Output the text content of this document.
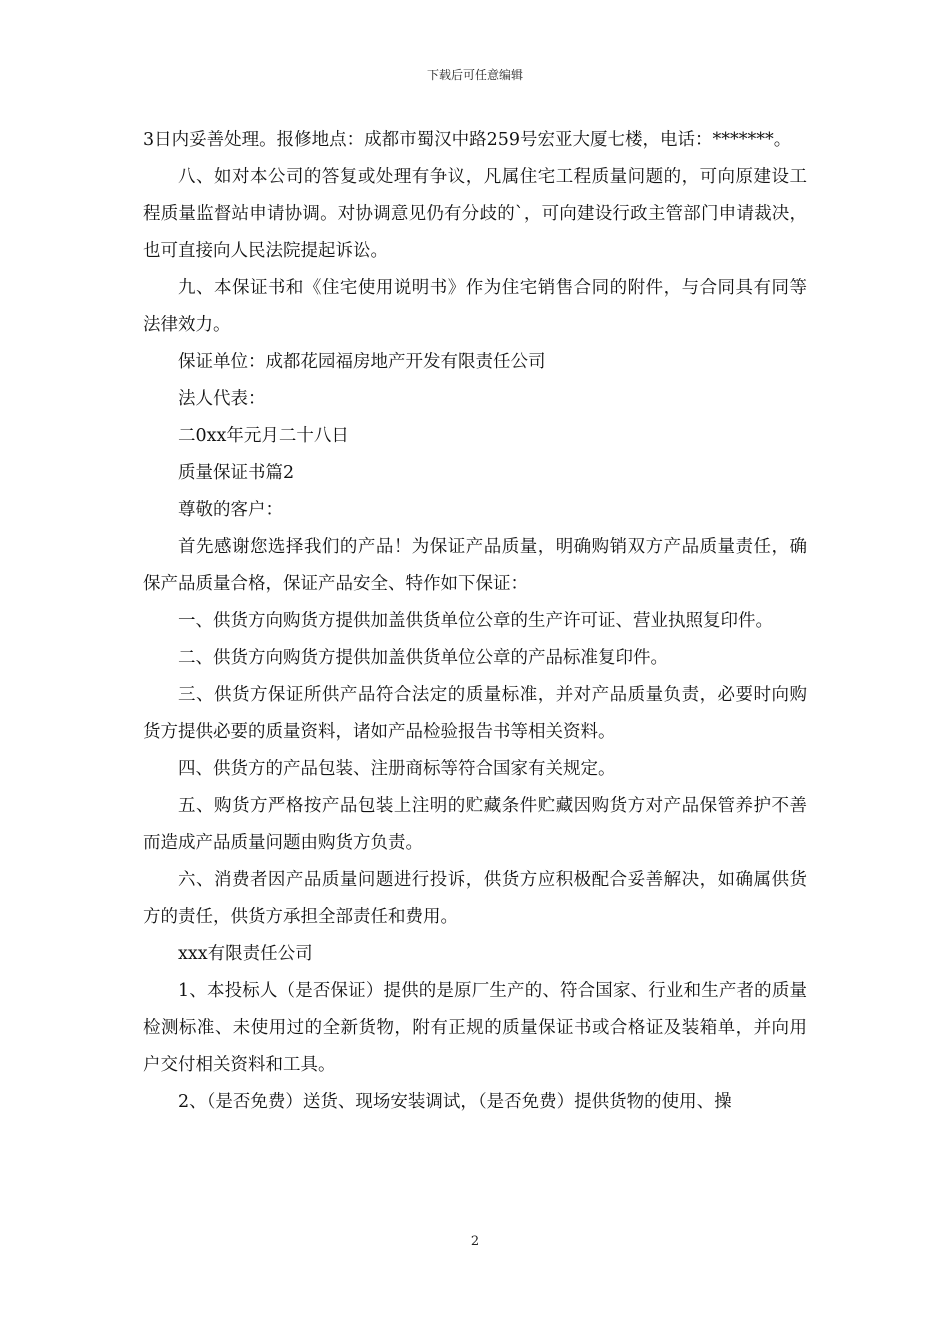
下载后可任意编辑

3日内妥善处理。报修地点：成都市蜀汉中路259号宏亚大厦七楼，电话：*******。

八、如对本公司的答复或处理有争议，凡属住宅工程质量问题的，可向原建设工程质量监督站申请协调。对协调意见仍有分歧的`，可向建设行政主管部门申请裁决，也可直接向人民法院提起诉讼。

九、本保证书和《住宅使用说明书》作为住宅销售合同的附件，与合同具有同等法律效力。

保证单位：成都花园福房地产开发有限责任公司

法人代表：

二0xx年元月二十八日

质量保证书篇2

尊敬的客户：

首先感谢您选择我们的产品！为保证产品质量，明确购销双方产品质量责任，确保产品质量合格，保证产品安全、特作如下保证：

一、供货方向购货方提供加盖供货单位公章的生产许可证、营业执照复印件。

二、供货方向购货方提供加盖供货单位公章的产品标准复印件。

三、供货方保证所供产品符合法定的质量标准，并对产品质量负责，必要时向购货方提供必要的质量资料，诸如产品检验报告书等相关资料。

四、供货方的产品包装、注册商标等符合国家有关规定。

五、购货方严格按产品包装上注明的贮藏条件贮藏因购货方对产品保管养护不善而造成产品质量问题由购货方负责。

六、消费者因产品质量问题进行投诉，供货方应积极配合妥善解决，如确属供货方的责任，供货方承担全部责任和费用。

xxx有限责任公司

1、本投标人（是否保证）提供的是原厂生产的、符合国家、行业和生产者的质量检测标准、未使用过的全新货物，附有正规的质量保证书或合格证及装箱单，并向用户交付相关资料和工具。

2、（是否免费）送货、现场安装调试，（是否免费）提供货物的使用、操

2
